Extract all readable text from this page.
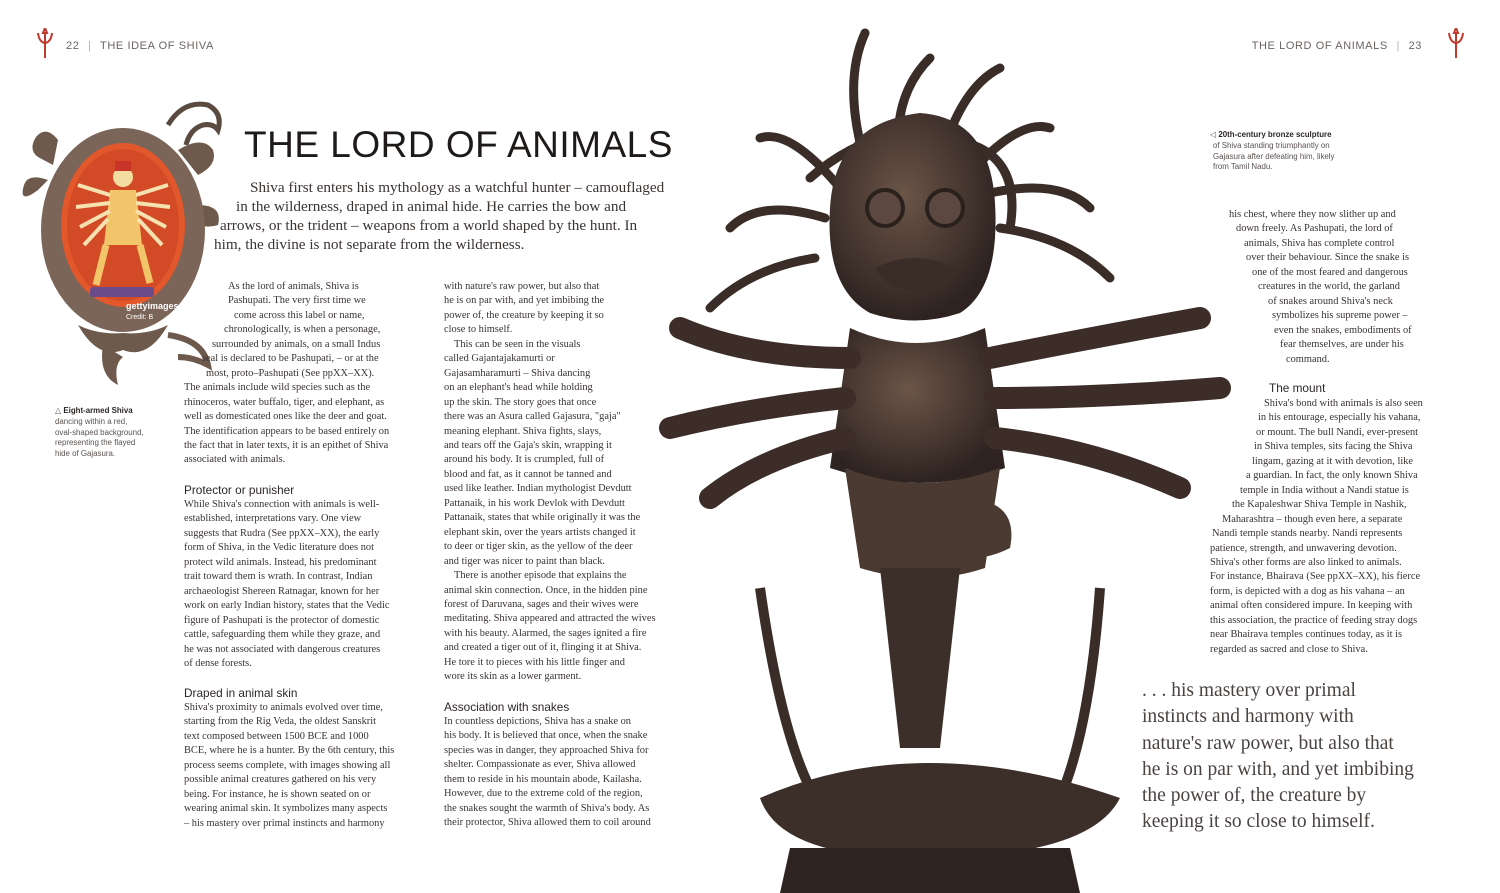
22 | THE IDEA OF SHIVA	THE LORD OF ANIMALS | 23
gettyimages
Credit: B
△ Eight-armed Shiva
dancing within a red,
oval-shaped background,
representing the flayed
hide of Gajasura.
THE LORD OF ANIMALS
Shiva first enters his mythology as a watchful hunter – camouflaged
in the wilderness, draped in animal hide. He carries the bow and
arrows, or the trident – weapons from a world shaped by the hunt. In
him, the divine is not separate from the wilderness.
As the lord of animals, Shiva is
Pashupati. The very first time we
come across this label or name,
chronologically, is when a personage,
surrounded by animals, on a small Indus
seal is declared to be Pashupati, – or at the
most, proto–Pashupati (See ppXX–XX).
The animals include wild species such as the
rhinoceros, water buffalo, tiger, and elephant, as
well as domesticated ones like the deer and goat.
The identification appears to be based entirely on
the fact that in later texts, it is an epithet of Shiva
associated with animals.
Protector or punisher
While Shiva's connection with animals is well-
established, interpretations vary. One view
suggests that Rudra (See ppXX–XX), the early
form of Shiva, in the Vedic literature does not
protect wild animals. Instead, his predominant
trait toward them is wrath. In contrast, Indian
archaeologist Shereen Ratnagar, known for her
work on early Indian history, states that the Vedic
figure of Pashupati is the protector of domestic
cattle, safeguarding them while they graze, and
he was not associated with dangerous creatures
of dense forests.
Draped in animal skin
Shiva's proximity to animals evolved over time,
starting from the Rig Veda, the oldest Sanskrit
text composed between 1500 BCE and 1000
BCE, where he is a hunter. By the 6th century, this
process seems complete, with images showing all
possible animal creatures gathered on his very
being. For instance, he is shown seated on or
wearing animal skin. It symbolizes many aspects
– his mastery over primal instincts and harmony
with nature's raw power, but also that
he is on par with, and yet imbibing the
power of, the creature by keeping it so
close to himself.
This can be seen in the visuals
called Gajantajakamurti or
Gajasamharamurti – Shiva dancing
on an elephant's head while holding
up the skin. The story goes that once
there was an Asura called Gajasura, "gaja"
meaning elephant. Shiva fights, slays,
and tears off the Gaja's skin, wrapping it
around his body. It is crumpled, full of
blood and fat, as it cannot be tanned and
used like leather. Indian mythologist Devdutt
Pattanaik, in his work Devlok with Devdutt
Pattanaik, states that while originally it was the
elephant skin, over the years artists changed it
to deer or tiger skin, as the yellow of the deer
and tiger was nicer to paint than black.
There is another episode that explains the
animal skin connection. Once, in the hidden pine
forest of Daruvana, sages and their wives were
meditating. Shiva appeared and attracted the wives
with his beauty. Alarmed, the sages ignited a fire
and created a tiger out of it, flinging it at Shiva.
He tore it to pieces with his little finger and
wore its skin as a lower garment.
Association with snakes
In countless depictions, Shiva has a snake on
his body. It is believed that once, when the snake
species was in danger, they approached Shiva for
shelter. Compassionate as ever, Shiva allowed
them to reside in his mountain abode, Kailasha.
However, due to the extreme cold of the region,
the snakes sought the warmth of Shiva's body. As
their protector, Shiva allowed them to coil around
◁ 20th-century bronze sculpture
of Shiva standing triumphantly on
Gajasura after defeating him, likely
from Tamil Nadu.
his chest, where they now slither up and
down freely. As Pashupati, the lord of
animals, Shiva has complete control
over their behaviour. Since the snake is
one of the most feared and dangerous
creatures in the world, the garland
of snakes around Shiva's neck
symbolizes his supreme power –
even the snakes, embodiments of
fear themselves, are under his
command.
The mount
Shiva's bond with animals is also seen
in his entourage, especially his vahana,
or mount. The bull Nandi, ever-present
in Shiva temples, sits facing the Shiva
lingam, gazing at it with devotion, like
a guardian. In fact, the only known Shiva
temple in India without a Nandi statue is
the Kapaleshwar Shiva Temple in Nashik,
Maharashtra – though even here, a separate
Nandi temple stands nearby. Nandi represents
patience, strength, and unwavering devotion.
Shiva's other forms are also linked to animals.
For instance, Bhairava (See ppXX–XX), his fierce
form, is depicted with a dog as his vahana – an
animal often considered impure. In keeping with
this association, the practice of feeding stray dogs
near Bhairava temples continues today, as it is
regarded as sacred and close to Shiva.
. . . his mastery over primal
instincts and harmony with
nature's raw power, but also that
he is on par with, and yet imbibing
the power of, the creature by
keeping it so close to himself.
